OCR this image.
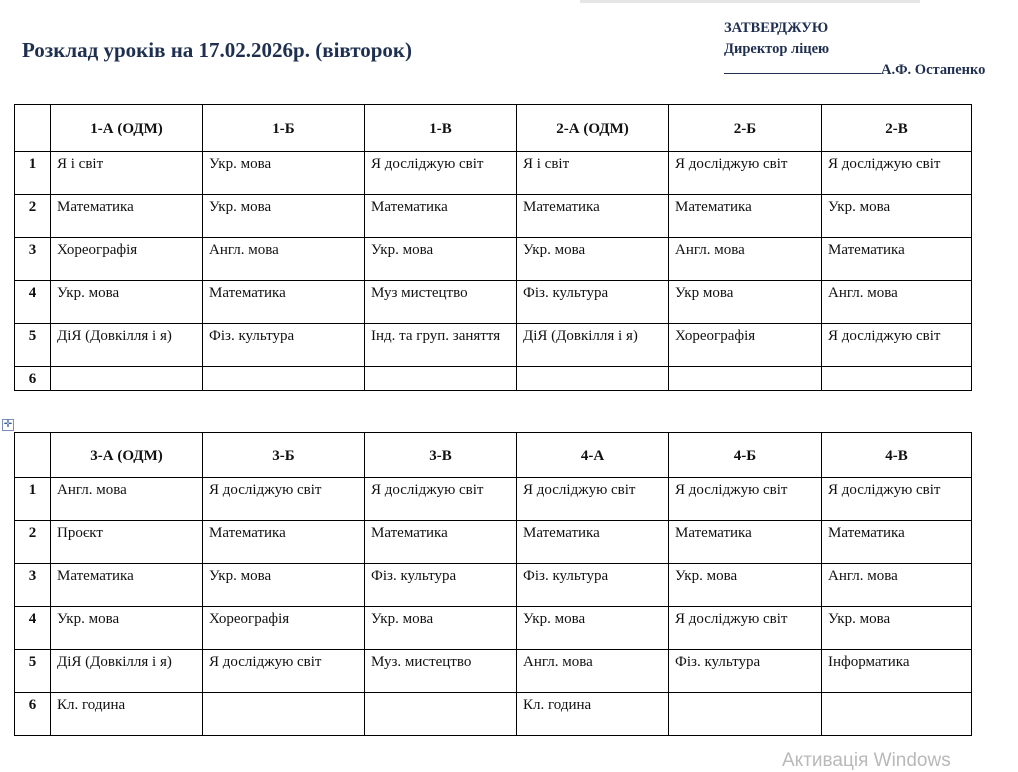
Розклад уроків на 17.02.2026р. (вівторок)
ЗАТВЕРДЖУЮ
Директор ліцею
А.Ф. Остапенко
	1-А (ОДМ)	1-Б	1-В	2-А (ОДМ)	2-Б	2-В
1	Я і світ	Укр. мова	Я досліджую світ	Я і світ	Я досліджую світ	Я досліджую світ
2	Математика	Укр. мова	Математика	Математика	Математика	Укр. мова
3	Хореографія	Англ. мова	Укр. мова	Укр. мова	Англ. мова	Математика
4	Укр. мова	Математика	Муз мистецтво	Фіз. культура	Укр мова	Англ. мова
5	ДіЯ (Довкілля і я)	Фіз. культура	Інд. та груп. заняття	ДіЯ (Довкілля і я)	Хореографія	Я досліджую світ
6						
✛
	3-А (ОДМ)	3-Б	3-В	4-А	4-Б	4-В
1	Англ. мова	Я досліджую світ	Я досліджую світ	Я досліджую світ	Я досліджую світ	Я досліджую світ
2	Проєкт	Математика	Математика	Математика	Математика	Математика
3	Математика	Укр. мова	Фіз. культура	Фіз. культура	Укр. мова	Англ. мова
4	Укр. мова	Хореографія	Укр. мова	Укр. мова	Я досліджую світ	Укр. мова
5	ДіЯ (Довкілля і я)	Я досліджую світ	Муз. мистецтво	Англ. мова	Фіз. культура	Інформатика
6	Кл. година			Кл. година		
Активація Windows
